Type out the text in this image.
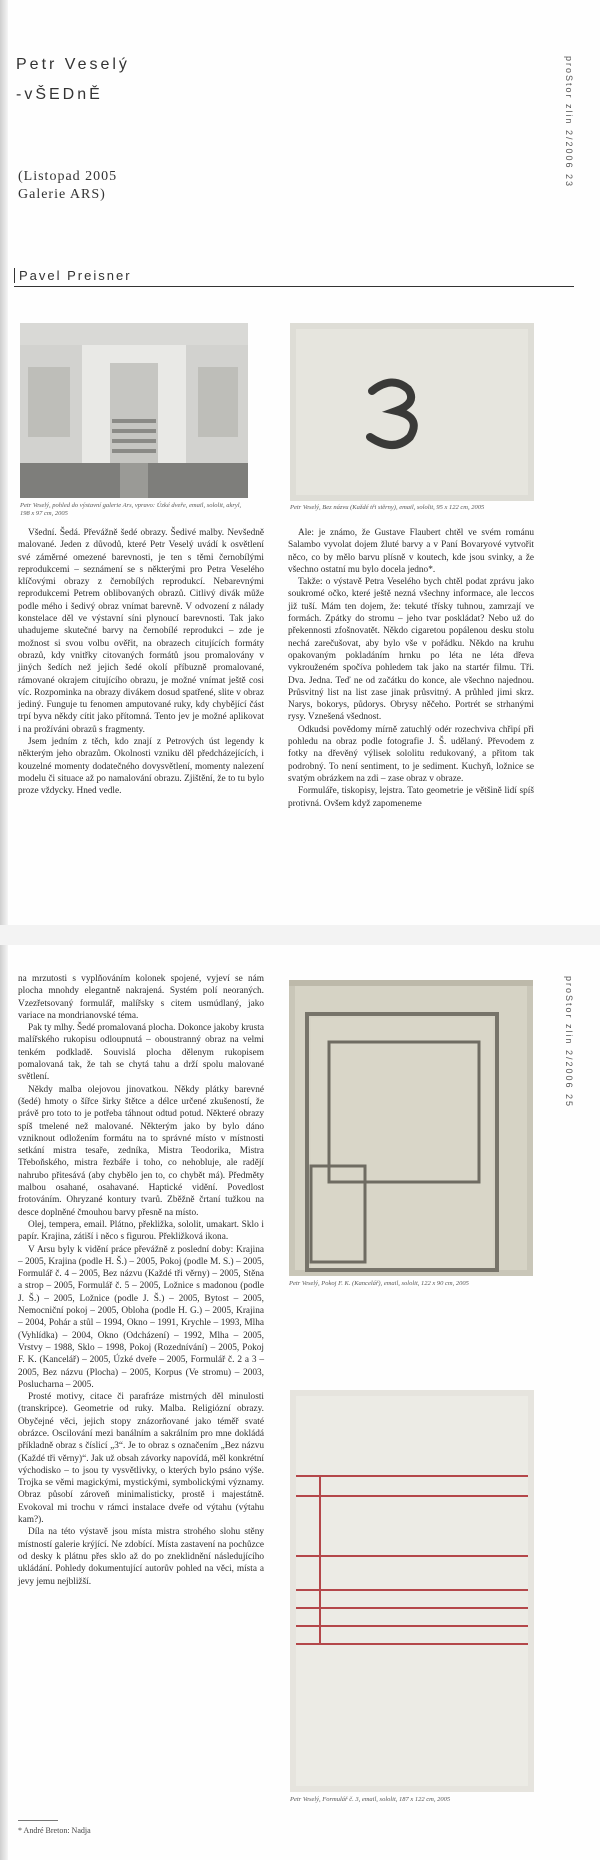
Petr Veselý
-vŠEDnĚ
(Listopad 2005
Galerie ARS)
Pavel Preisner
proStor zlin 2/2006 23
proStor zlin 2/2006 25
Petr Veselý, pohled do výstavní galerie Ars, vpravo: Úzké dveře, email, sololit, akryl, 198 x 97 cm, 2005
Petr Veselý, Bez názvu (Každé tři stěrny), email, sololit, 95 x 122 cm, 2005

Všední. Šedá. Převážně šedé obrazy. Šedivé malby. Nevšedně malované. Jeden z důvodů, které Petr Veselý uvádí k osvětlení své záměrné omezené barevnosti, je ten s těmi černobílými reprodukcemi – seznámení se s některými pro Petra Veselého klíčovými obrazy z černobílých reprodukcí. Nebarevnými reprodukcemi Petrem oblibovaných obrazů. Citlivý divák může podle mého i šedivý obraz vnímat barevně. V odvození z nálady konstelace děl ve výstavní síni plynoucí barevnosti. Tak jako uhadujeme skutečné barvy na černobílé reprodukci – zde je možnost si svou volbu ověřit, na obrazech citujících formáty obrazů, kdy vnitřky citovaných formátů jsou promalovány v jiných šedích než jejich šedé okolí příbuzně promalované, rámované okrajem citujícího obrazu, je možné vnímat ještě cosi víc. Rozpominka na obrazy divákem dosud spatřené, slite v obraz jediný. Funguje tu fenomen amputované ruky, kdy chybějící část trpí byva někdy cítit jako přítomná. Tento jev je možné aplikovat i na prožíváni obrazů s fragmenty.

Jsem jedním z těch, kdo znají z Petrových úst legendy k některým jeho obrazům. Okolnosti vzniku děl předcházejících, i kouzelné momenty dodatečného dovysvětlení, momenty nalezení modelu či situace až po namalování obrazu. Zjištění, že to tu bylo proze vždycky. Hned vedle.

Ale: je známo, že Gustave Flaubert chtěl ve svém románu Salambo vyvolat dojem žluté barvy a v Paní Bovaryové vytvořit něco, co by mělo barvu plísně v koutech, kde jsou svinky, a že všechno ostatní mu bylo docela jedno*.

Takže: o výstavě Petra Veselého bych chtěl podat zprávu jako soukromé očko, které ještě nezná všechny informace, ale leccos již tuší. Mám ten dojem, že: tekuté třísky tuhnou, zamrzají ve formách. Zpátky do stromu – jeho tvar poskládat? Nebo už do překennosti zfošnovatět. Někdo cigaretou popálenou desku stolu nechá zarečušovat, aby bylo vše v pořádku. Někdo na kruhu opakovaným pokladáním hrnku po léta ne léta dřeva vykrouženém spočíva pohledem tak jako na startér filmu. Tři. Dva. Jedna. Teď ne od začátku do konce, ale všechno najednou. Průsvitný list na list zase jinak průsvitný. A průhled jimi skrz. Narys, bokorys, půdorys. Obrysy něčeho. Portrét se strhanými rysy. Vznešená všednost.

Odkudsi povědomy mírně zatuchlý odér rozechviva chřipí při pohledu na obraz podle fotografie J. Š. udělaný. Převodem z fotky na dřevěný výlisek sololitu redukovaný, a přitom tak podrobný. To není sentiment, to je sediment. Kuchyň, ložnice se svatým obrázkem na zdi – zase obraz v obraze.

Formuláře, tiskopisy, lejstra. Tato geometrie je většině lidí spíš protivná. Ovšem když zapomeneme

na mrzutosti s vyplňováním kolonek spojené, vyjeví se nám plocha mnohdy elegantně nakrajená. Systém polí neoraných. Vzezřetsovaný formulář, malířsky s citem usmúdlaný, jako variace na mondrianovské téma.

Pak ty mlhy. Šedé promalovaná plocha. Dokonce jakoby krusta malířského rukopisu odloupnutá – oboustranný obraz na velmi tenkém podkladě. Souvislá plocha dělenym rukopisem pomalovaná tak, že tah se chytá tahu a drží spolu malované světlení.

Někdy malba olejovou jinovatkou. Někdy plátky barevné (šedé) hmoty o šířce širky štětce a délce určené zkušeností, že právě pro toto to je potřeba táhnout odtud potud. Některé obrazy spíš tmelené než malované. Některým jako by bylo dáno vzniknout odložením formátu na to správné místo v místnosti setkání mistra tesaře, zedníka, Mistra Teodorika, Mistra Třeboňského, mistra řezbáře i toho, co nehobluje, ale radějí nahrubo přitesává (aby chybělo jen to, co chybět má). Předměty malbou osahané, osahavané. Haptické vidění. Povedlost frotováním. Ohryzané kontury tvarů. Zběžně črtaní tužkou na desce doplněné čmouhou barvy přesně na místo.

Olej, tempera, email. Plátno, překližka, sololit, umakart. Sklo i papír. Krajina, zátiší i něco s figurou. Překližková ikona.

V Arsu byly k vidění práce převážně z poslední doby: Krajina – 2005, Krajina (podle H. Š.) – 2005, Pokoj (podle M. S.) – 2005, Formulář č. 4 – 2005, Bez názvu (Každé tři věrny) – 2005, Stěna a strop – 2005, Formulář č. 5 – 2005, Ložnice s madonou (podle J. Š.) – 2005, Ložnice (podle J. Š.) – 2005, Bytost – 2005, Nemocniční pokoj – 2005, Obloha (podle H. G.) – 2005, Krajina – 2004, Pohár a stůl – 1994, Okno – 1991, Krychle – 1993, Mlha (Vyhlídka) – 2004, Okno (Odcházení) – 1992, Mlha – 2005, Vrstvy – 1988, Sklo – 1998, Pokoj (Rozednívání) – 2005, Pokoj F. K. (Kancelář) – 2005, Úzké dveře – 2005, Formulář č. 2 a 3 – 2005, Bez názvu (Plocha) – 2005, Korpus (Ve stromu) – 2003, Poslucharna – 2005.

Prosté motivy, citace či parafráze mistrných děl minulosti (transkripce). Geometrie od ruky. Malba. Religiózní obrazy. Obyčejné věci, jejich stopy znázorňované jako téměř svaté obrázce. Oscilování mezi banálním a sakrálním pro mne dokládá příkladně obraz s číslicí „3“. Je to obraz s označením „Bez názvu (Každé tři věrny)“. Jak už obsah závorky napovídá, měl konkrétní východisko – to jsou ty vysvětlivky, o kterých bylo psáno výše. Trojka se věmi magickými, mystickými, symbolickými významy. Obraz působí zároveň minimalisticky, prostě i majestátně. Evokoval mi trochu v rámci instalace dveře od výtahu (výtahu kam?).

Díla na této výstavě jsou místa mistra strohého slohu stěny místností galerie krýjící. Ne zdobící. Místa zastavení na pochůzce od desky k plátnu přes sklo až do po zneklidnění následujícího ukládání. Pohledy dokumentující autorův pohled na věci, místa a jevy jemu nejbližší.

Petr Veselý, Pokoj F. K. (Kancelář), email, sololit, 122 x 90 cm, 2005
Petr Veselý, Formulář č. 3, email, sololit, 187 x 122 cm, 2005
* André Breton: Nadja
